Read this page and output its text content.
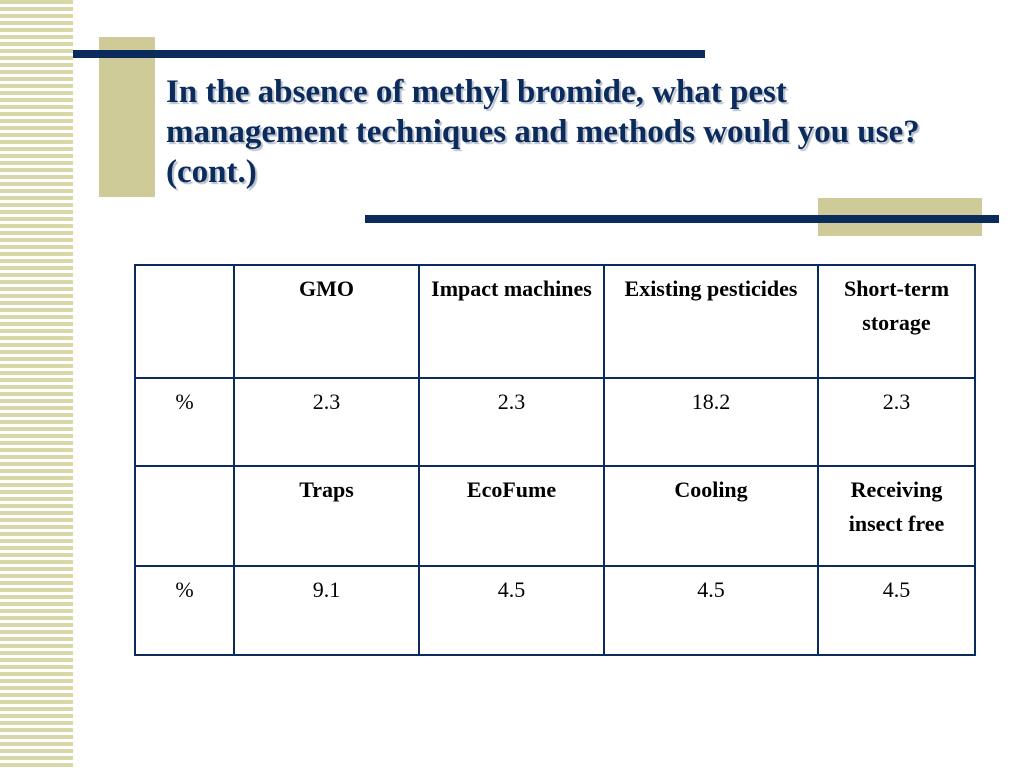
In the absence of methyl bromide, what pest management techniques and methods would you use? (cont.)
	GMO	Impact machines	Existing pesticides	Short-term storage
%	2.3	2.3	18.2	2.3
	Traps	EcoFume	Cooling	Receiving insect free
%	9.1	4.5	4.5	4.5
